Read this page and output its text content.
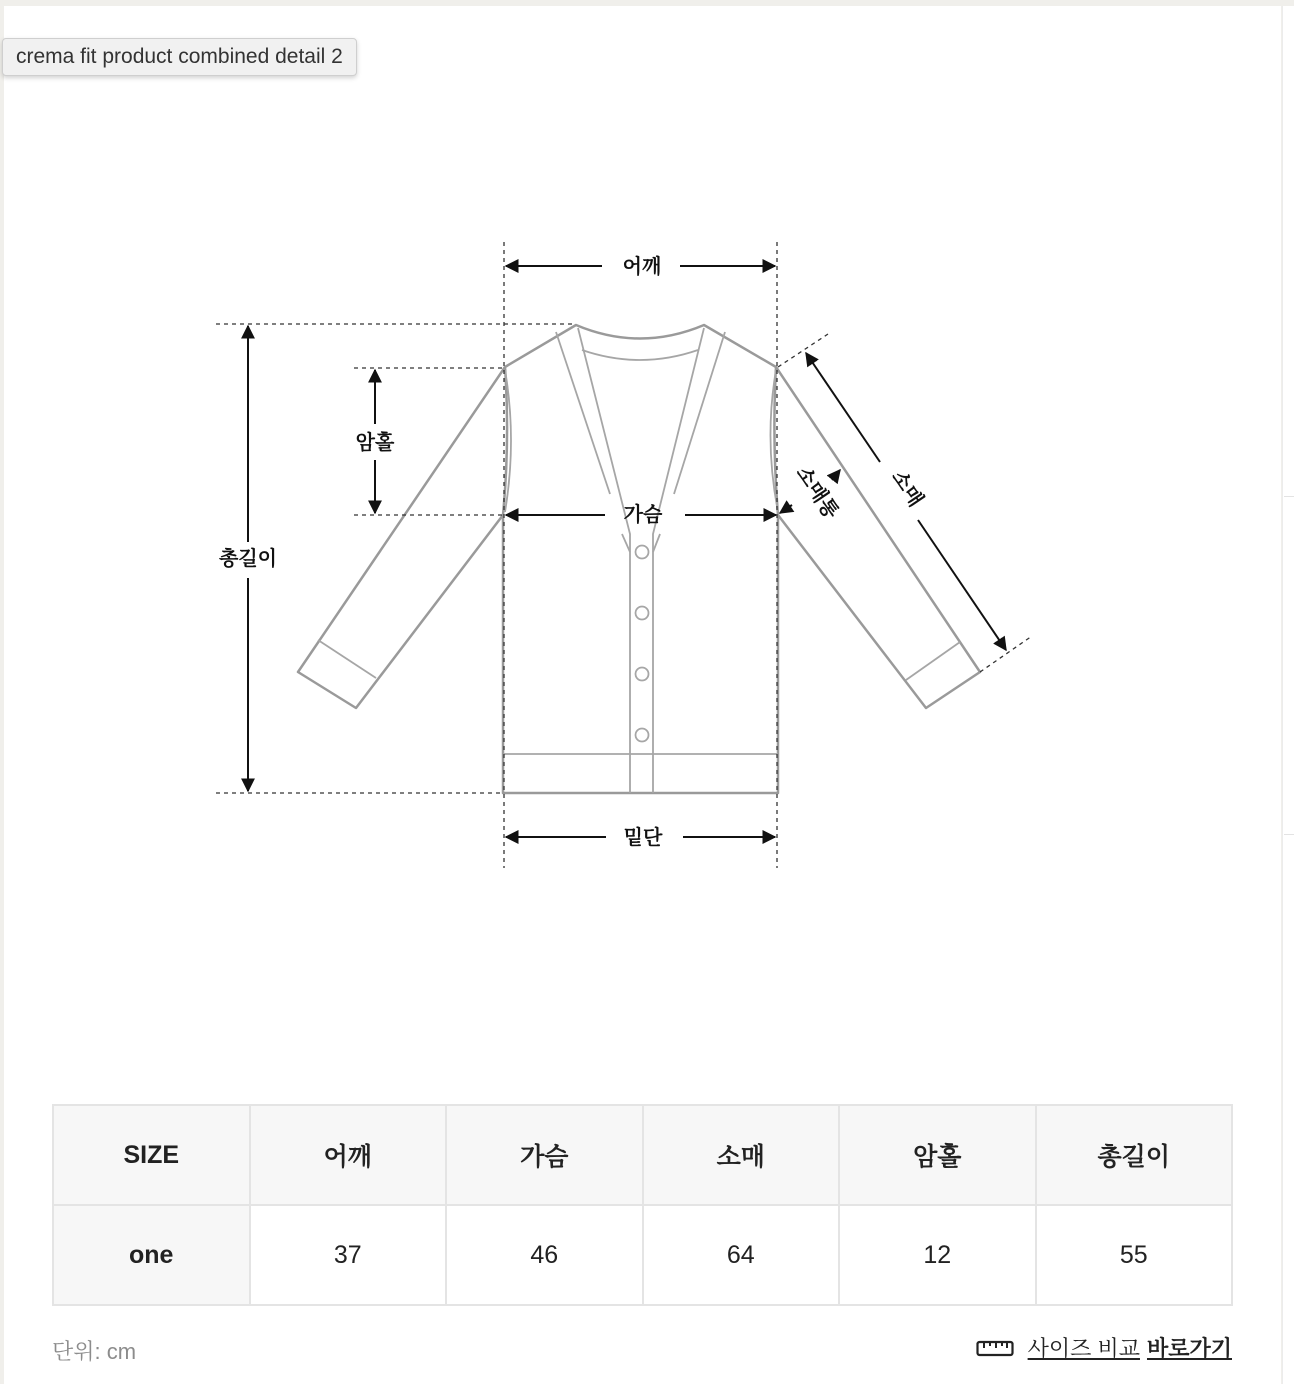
어깨
암홀
총길이
가슴
밑단
소매
소매통
crema fit product combined detail 2
SIZE	어깨	가슴	소매	암홀	총길이
one	37	46	64	12	55
단위: cm	사이즈 비교 바로가기
